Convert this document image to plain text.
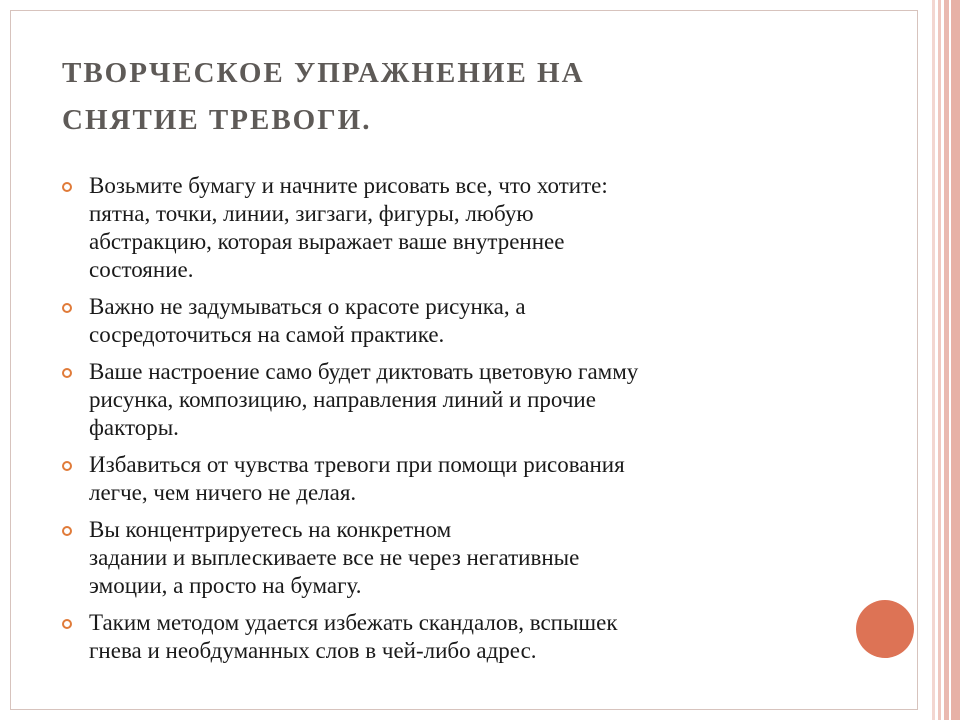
ТВОРЧЕСКОЕ УПРАЖНЕНИЕ НА
СНЯТИЕ ТРЕВОГИ.
Возьмите бумагу и начните рисовать все, что хотите:
пятна, точки, линии, зигзаги, фигуры, любую
абстракцию, которая выражает ваше внутреннее
состояние.
Важно не задумываться о красоте рисунка, а
сосредоточиться на самой практике.
Ваше настроение само будет диктовать цветовую гамму
рисунка, композицию, направления линий и прочие
факторы.
Избавиться от чувства тревоги при помощи рисования
легче, чем ничего не делая.
Вы концентрируетесь на конкретном
задании и выплескиваете все не через негативные
эмоции, а просто на бумагу.
Таким методом удается избежать скандалов, вспышек
гнева и необдуманных слов в чей-либо адрес.
